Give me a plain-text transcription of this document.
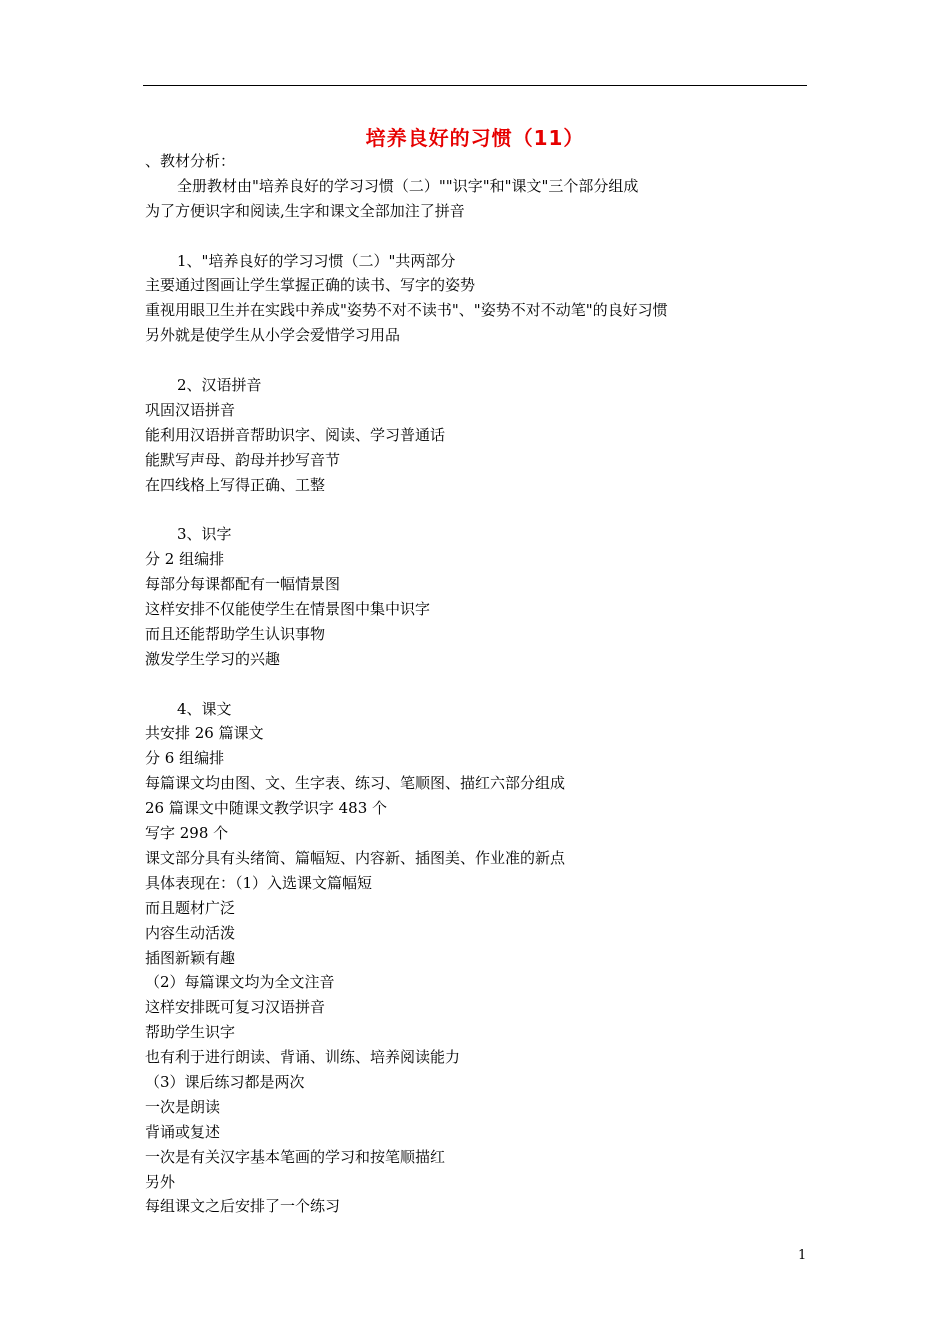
培养良好的习惯（11）
、教材分析：
全册教材由"培养良好的学习习惯（二）""识字"和"课文"三个部分组成
为了方便识字和阅读,生字和课文全部加注了拼音
1、"培养良好的学习习惯（二）"共两部分
主要通过图画让学生掌握正确的读书、写字的姿势
重视用眼卫生并在实践中养成"姿势不对不读书"、"姿势不对不动笔"的良好习惯
另外就是使学生从小学会爱惜学习用品
2、汉语拼音
巩固汉语拼音
能利用汉语拼音帮助识字、阅读、学习普通话
能默写声母、韵母并抄写音节
在四线格上写得正确、工整
3、识字
分 2 组编排
每部分每课都配有一幅情景图
这样安排不仅能使学生在情景图中集中识字
而且还能帮助学生认识事物
激发学生学习的兴趣
4、课文
共安排 26 篇课文
分 6 组编排
每篇课文均由图、文、生字表、练习、笔顺图、描红六部分组成
26 篇课文中随课文教学识字 483 个
写字 298 个
课文部分具有头绪简、篇幅短、内容新、插图美、作业准的新点
具体表现在：（1）入选课文篇幅短
而且题材广泛
内容生动活泼
插图新颖有趣
（2）每篇课文均为全文注音
这样安排既可复习汉语拼音
帮助学生识字
也有利于进行朗读、背诵、训练、培养阅读能力
（3）课后练习都是两次
一次是朗读
背诵或复述
一次是有关汉字基本笔画的学习和按笔顺描红
另外
每组课文之后安排了一个练习
1
